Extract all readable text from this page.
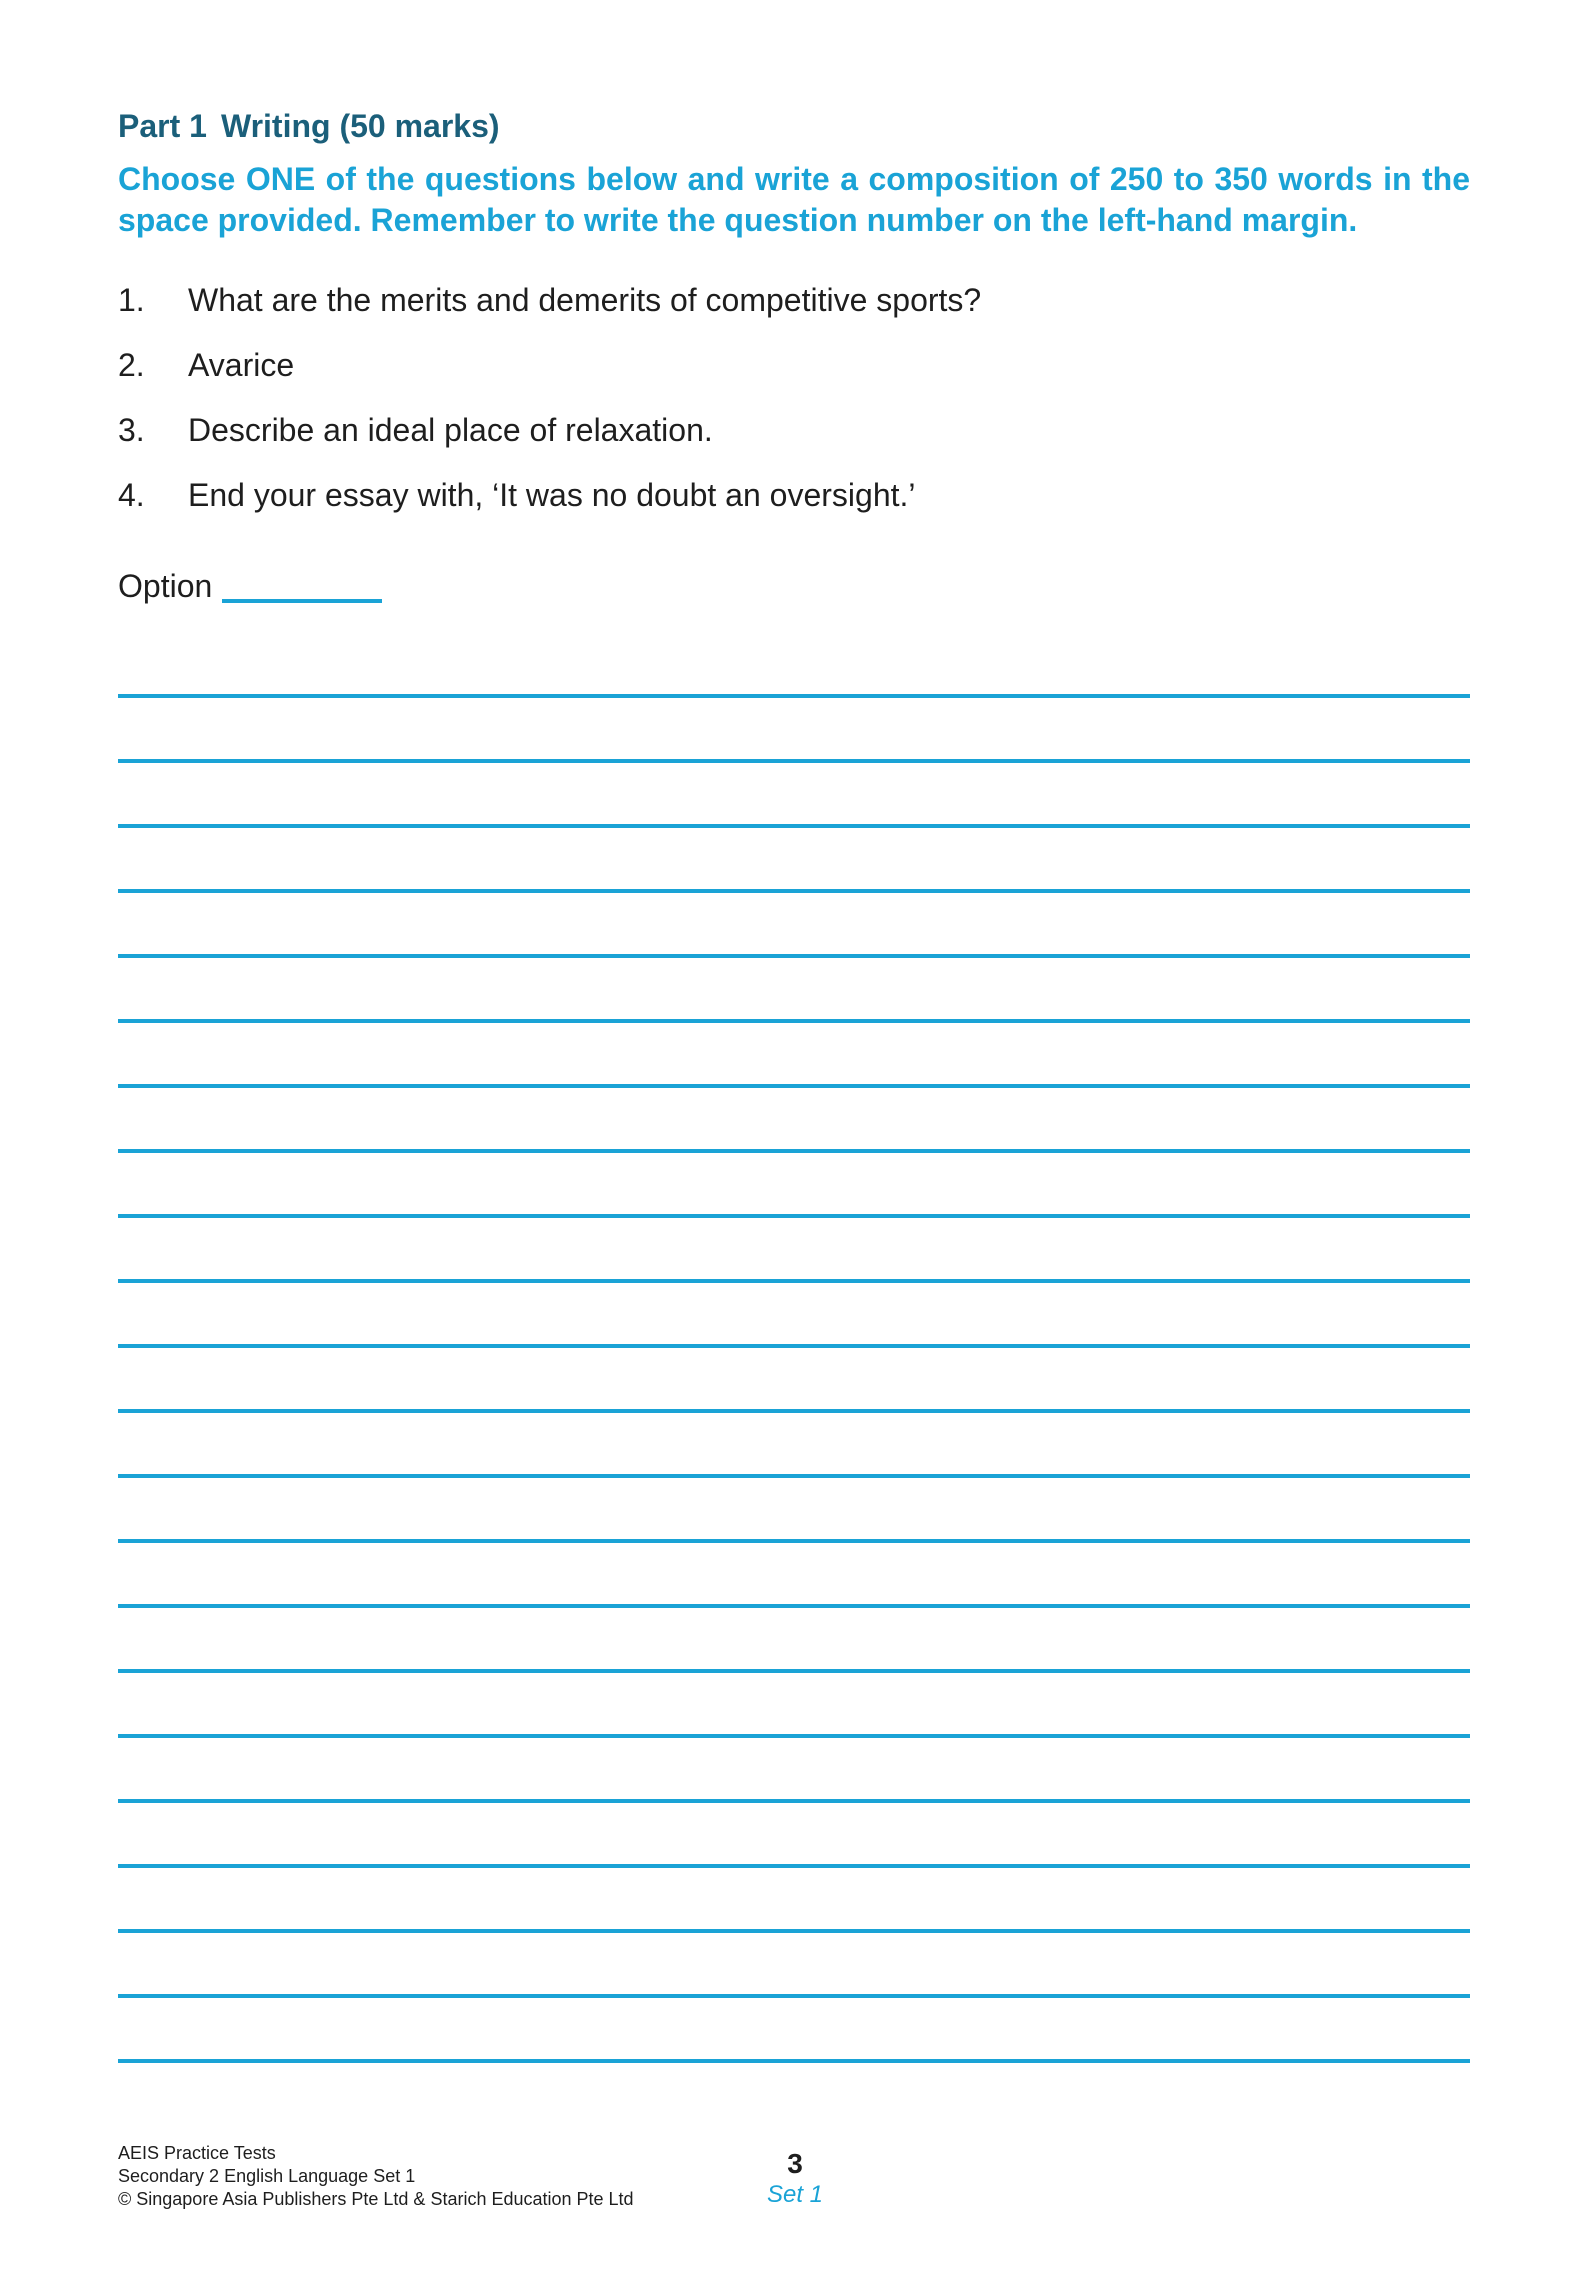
Part 1 Writing (50 marks)

Choose ONE of the questions below and write a composition of 250 to 350 words in the space provided. Remember to write the question number on the left-hand margin.

1. What are the merits and demerits of competitive sports?
2. Avarice
3. Describe an ideal place of relaxation.
4. End your essay with, ‘It was no doubt an oversight.’
Option
AEIS Practice Tests
Secondary 2 English Language Set 1
© Singapore Asia Publishers Pte Ltd & Starich Education Pte Ltd
3
Set 1
